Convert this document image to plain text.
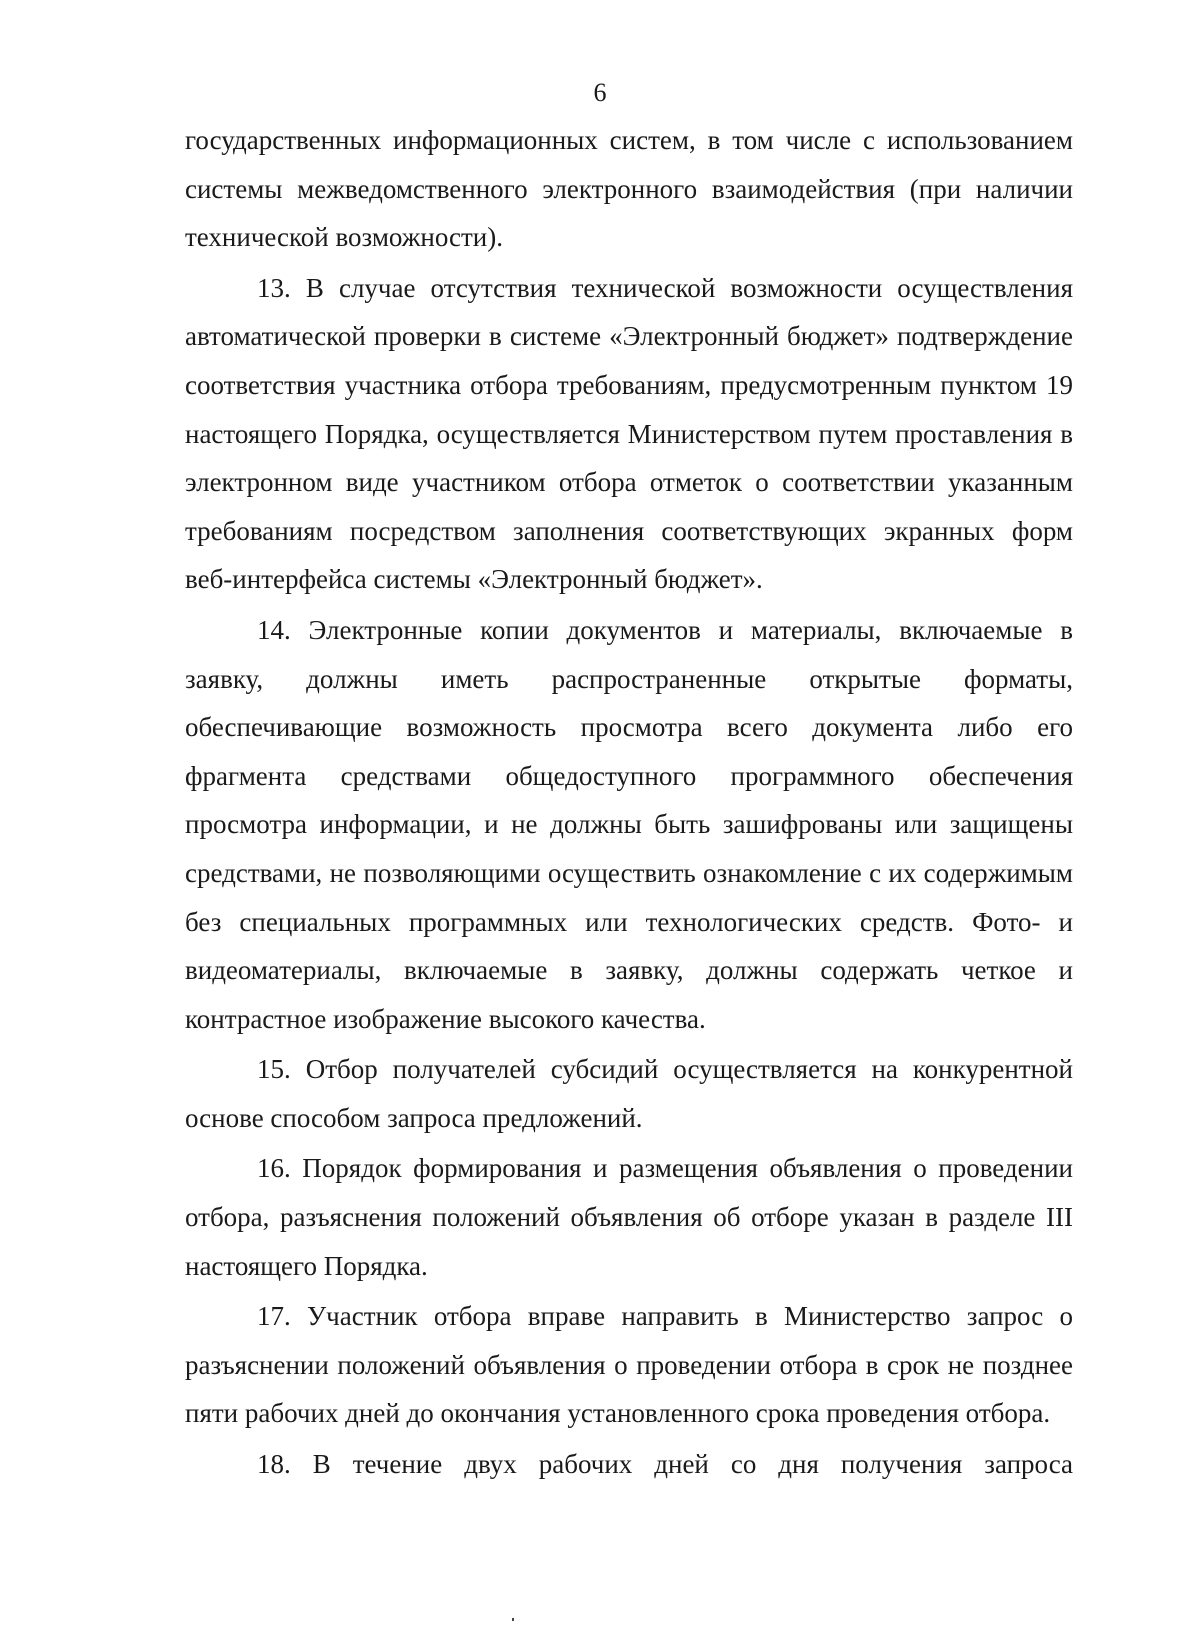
6

государственных информационных систем, в том числе с использованием системы межведомственного электронного взаимодействия (при наличии технической возможности).

13. В случае отсутствия технической возможности осуществления автоматической проверки в системе «Электронный бюджет» подтверждение соответствия участника отбора требованиям, предусмотренным пунктом 19 настоящего Порядка, осуществляется Министерством путем проставления в электронном виде участником отбора отметок о соответствии указанным требованиям посредством заполнения соответствующих экранных форм веб-интерфейса системы «Электронный бюджет».

14. Электронные копии документов и материалы, включаемые в заявку, должны иметь распространенные открытые форматы, обеспечивающие возможность просмотра всего документа либо его фрагмента средствами общедоступного программного обеспечения просмотра информации, и не должны быть зашифрованы или защищены средствами, не позволяющими осуществить ознакомление с их содержимым без специальных программных или технологических средств. Фото- и видеоматериалы, включаемые в заявку, должны содержать четкое и контрастное изображение высокого качества.

15. Отбор получателей субсидий осуществляется на конкурентной основе способом запроса предложений.

16. Порядок формирования и размещения объявления о проведении отбора, разъяснения положений объявления об отборе указан в разделе III настоящего Порядка.

17. Участник отбора вправе направить в Министерство запрос о разъяснении положений объявления о проведении отбора в срок не позднее пяти рабочих дней до окончания установленного срока проведения отбора.

18. В течение двух рабочих дней со дня получения запроса
